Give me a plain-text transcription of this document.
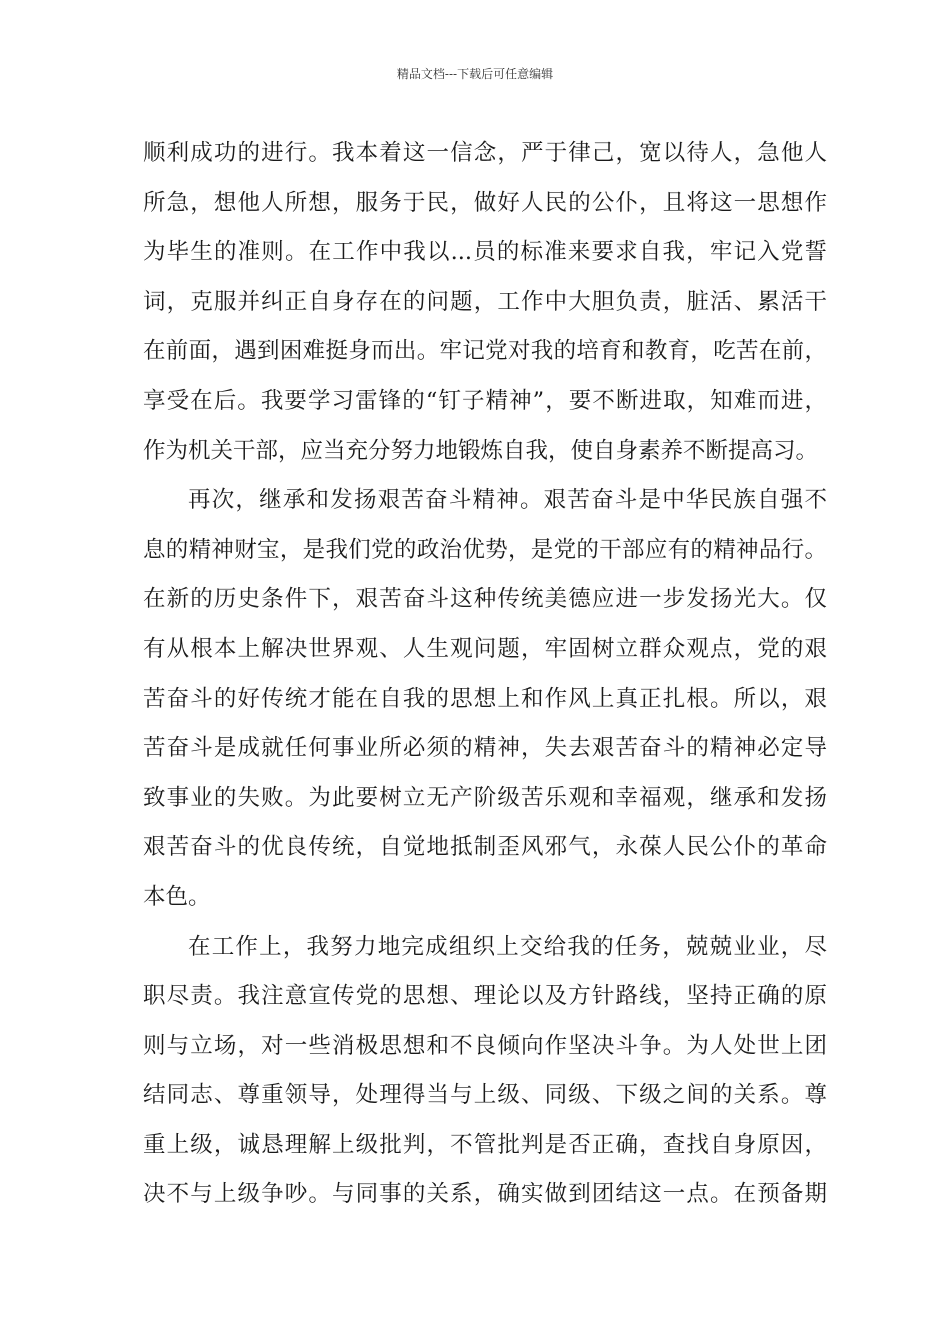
精品文档---下载后可任意编辑
顺利成功的进行。我本着这一信念，严于律己，宽以待人，急他人
所急，想他人所想，服务于民，做好人民的公仆，且将这一思想作
为毕生的准则。在工作中我以...员的标准来要求自我，牢记入党誓
词，克服并纠正自身存在的问题，工作中大胆负责，脏活、累活干
在前面，遇到困难挺身而出。牢记党对我的培育和教育，吃苦在前，
享受在后。我要学习雷锋的“钉子精神”，要不断进取，知难而进，
作为机关干部，应当充分努力地锻炼自我，使自身素养不断提高习。
再次，继承和发扬艰苦奋斗精神。艰苦奋斗是中华民族自强不
息的精神财宝，是我们党的政治优势，是党的干部应有的精神品行。
在新的历史条件下，艰苦奋斗这种传统美德应进一步发扬光大。仅
有从根本上解决世界观、人生观问题，牢固树立群众观点，党的艰
苦奋斗的好传统才能在自我的思想上和作风上真正扎根。所以，艰
苦奋斗是成就任何事业所必须的精神，失去艰苦奋斗的精神必定导
致事业的失败。为此要树立无产阶级苦乐观和幸福观，继承和发扬
艰苦奋斗的优良传统，自觉地抵制歪风邪气，永葆人民公仆的革命
本色。
在工作上，我努力地完成组织上交给我的任务，兢兢业业，尽
职尽责。我注意宣传党的思想、理论以及方针路线，坚持正确的原
则与立场，对一些消极思想和不良倾向作坚决斗争。为人处世上团
结同志、尊重领导，处理得当与上级、同级、下级之间的关系。尊
重上级，诚恳理解上级批判，不管批判是否正确，查找自身原因，
决不与上级争吵。与同事的关系，确实做到团结这一点。在预备期
